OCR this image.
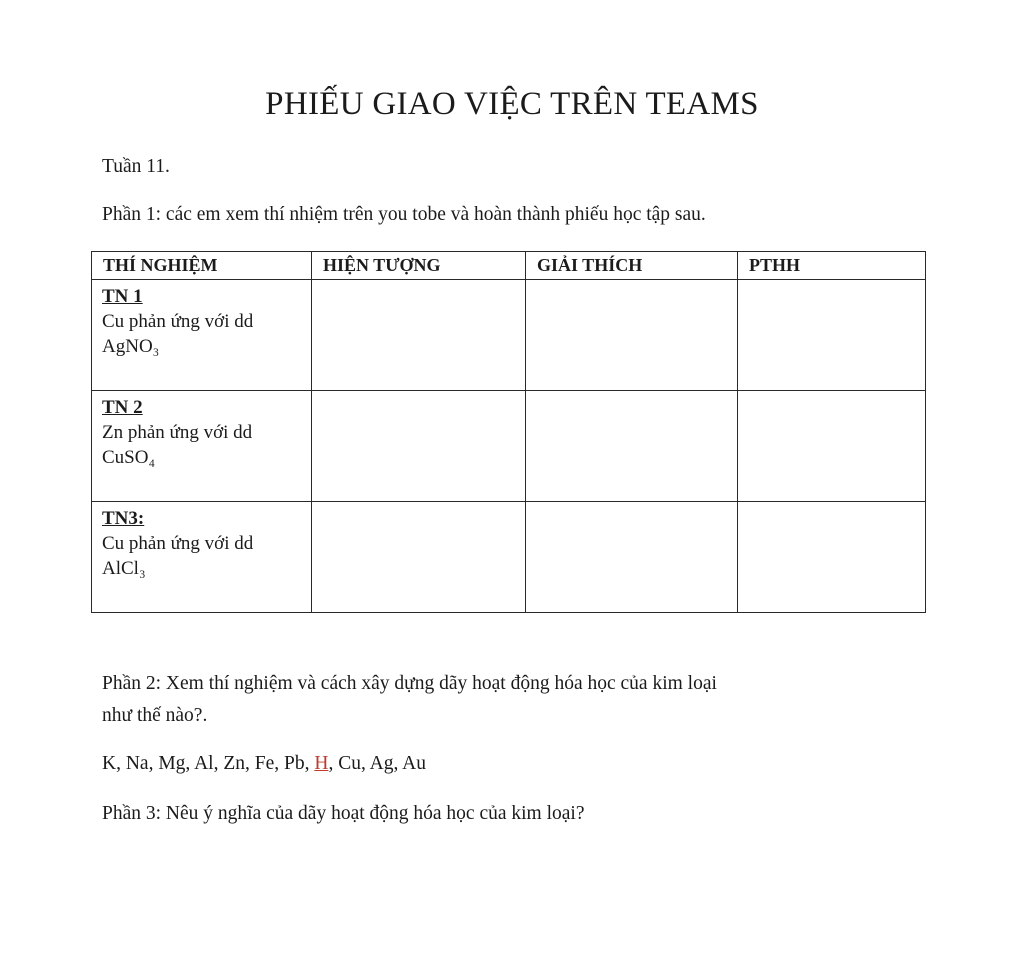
PHIẾU GIAO VIỆC TRÊN TEAMS
Tuần 11.
Phần 1: các em xem thí nhiệm trên you tobe và hoàn thành phiếu học tập sau.
THÍ NGHIỆM	HIỆN TƯỢNG	GIẢI THÍCH	PTHH

TN 1
Cu phản ứng với dd
AgNO₃			

TN 2
Zn phản ứng với dd
CuSO₄			

TN3:
Cu phản ứng với dd
AlCl₃			

Phần 2: Xem thí nghiệm và cách xây dựng dãy hoạt động hóa học của kim loại
như thế nào?.
K, Na, Mg, Al, Zn, Fe, Pb, H, Cu, Ag, Au
Phần 3: Nêu ý nghĩa của dãy hoạt động hóa học của kim loại?
